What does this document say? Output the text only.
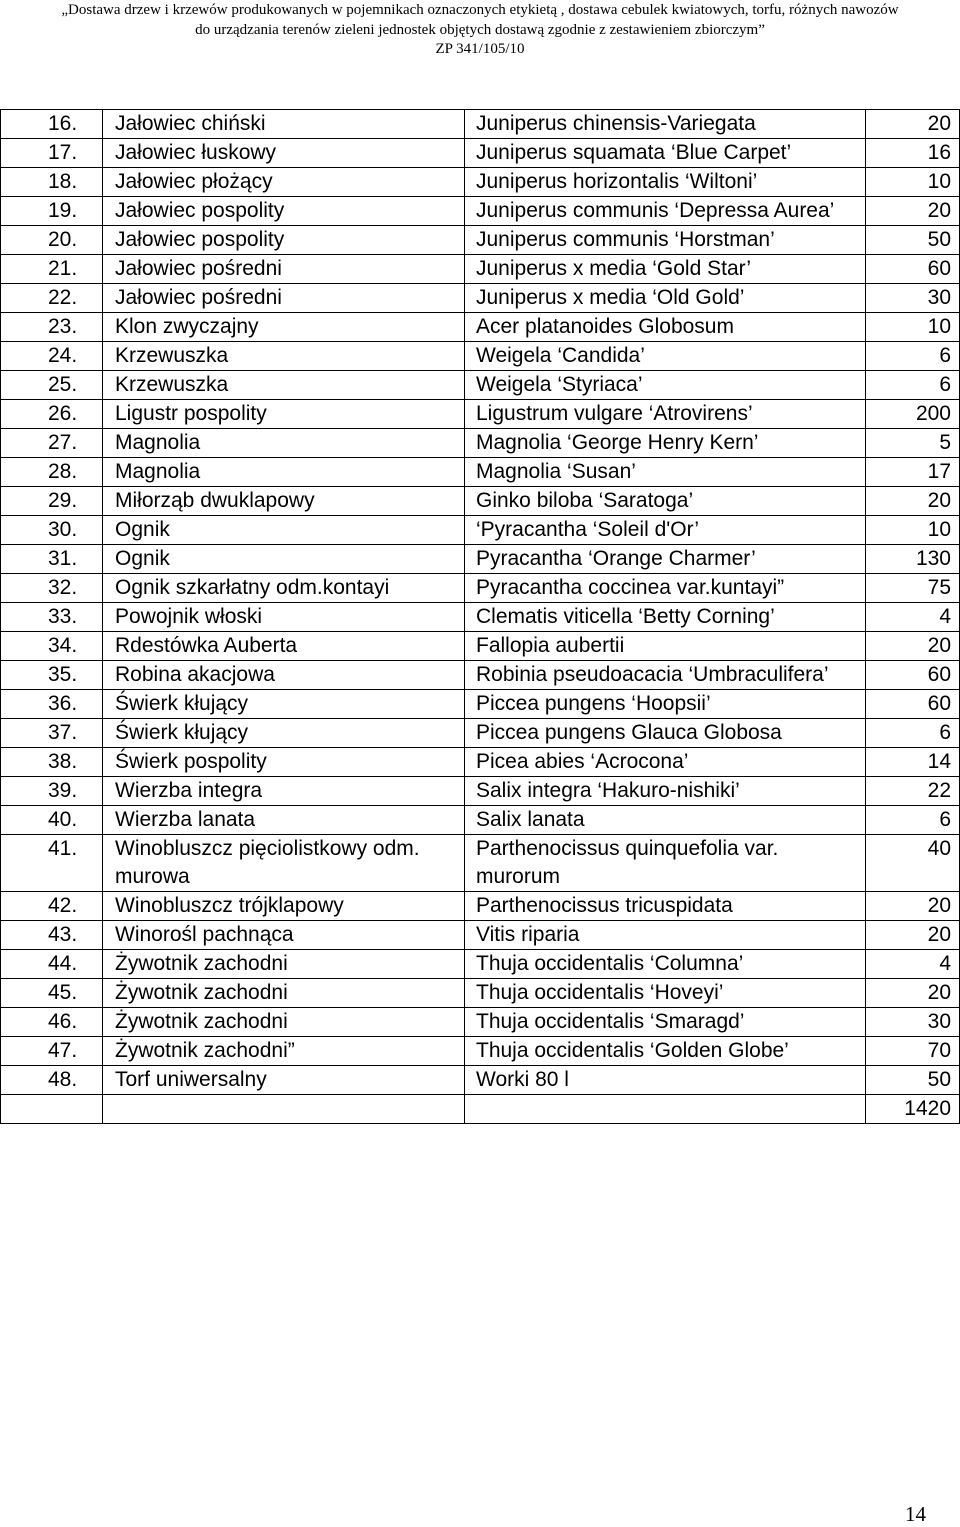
„Dostawa drzew i krzewów produkowanych w pojemnikach oznaczonych etykietą , dostawa cebulek kwiatowych, torfu, różnych nawozów
do urządzania terenów zieleni jednostek objętych dostawą zgodnie z zestawieniem zbiorczym”
ZP 341/105/10
16.	Jałowiec chiński	Juniperus chinensis-Variegata	20
17.	Jałowiec łuskowy	Juniperus squamata ‘Blue Carpet’	16
18.	Jałowiec płożący	Juniperus horizontalis ‘Wiltoni’	10
19.	Jałowiec pospolity	Juniperus communis ‘Depressa Aurea’	20
20.	Jałowiec pospolity	Juniperus communis ‘Horstman’	50
21.	Jałowiec pośredni	Juniperus x media ‘Gold Star’	60
22.	Jałowiec pośredni	Juniperus x media ‘Old Gold’	30
23.	Klon zwyczajny	Acer platanoides Globosum	10
24.	Krzewuszka	Weigela ‘Candida’	6
25.	Krzewuszka	Weigela ‘Styriaca’	6
26.	Ligustr pospolity	Ligustrum vulgare ‘Atrovirens’	200
27.	Magnolia	Magnolia ‘George Henry Kern’	5
28.	Magnolia	Magnolia ‘Susan’	17
29.	Miłorząb dwuklapowy	Ginko biloba ‘Saratoga’	20
30.	Ognik	‘Pyracantha ‘Soleil d'Or’	10
31.	Ognik	Pyracantha ‘Orange Charmer’	130
32.	Ognik szkarłatny odm.kontayi	Pyracantha coccinea var.kuntayi”	75
33.	Powojnik włoski	Clematis viticella ‘Betty Corning’	4
34.	Rdestówka Auberta	Fallopia aubertii	20
35.	Robina akacjowa	Robinia pseudoacacia ‘Umbraculifera’	60
36.	Świerk kłujący	Piccea pungens ‘Hoopsii’	60
37.	Świerk kłujący	Piccea pungens Glauca Globosa	6
38.	Świerk pospolity	Picea abies ‘Acrocona’	14
39.	Wierzba integra	Salix integra ‘Hakuro-nishiki’	22
40.	Wierzba lanata	Salix lanata	6
41.	Winobluszcz pięciolistkowy odm. murowa	Parthenocissus quinquefolia var. murorum	40
42.	Winobluszcz trójklapowy	Parthenocissus tricuspidata	20
43.	Winorośl pachnąca	Vitis riparia	20
44.	Żywotnik zachodni	Thuja occidentalis ‘Columna’	4
45.	Żywotnik zachodni	Thuja occidentalis ‘Hoveyi’	20
46.	Żywotnik zachodni	Thuja occidentalis ‘Smaragd’	30
47.	Żywotnik zachodni”	Thuja occidentalis ‘Golden Globe’	70
48.	Torf uniwersalny	Worki 80 l	50
			1420
14
